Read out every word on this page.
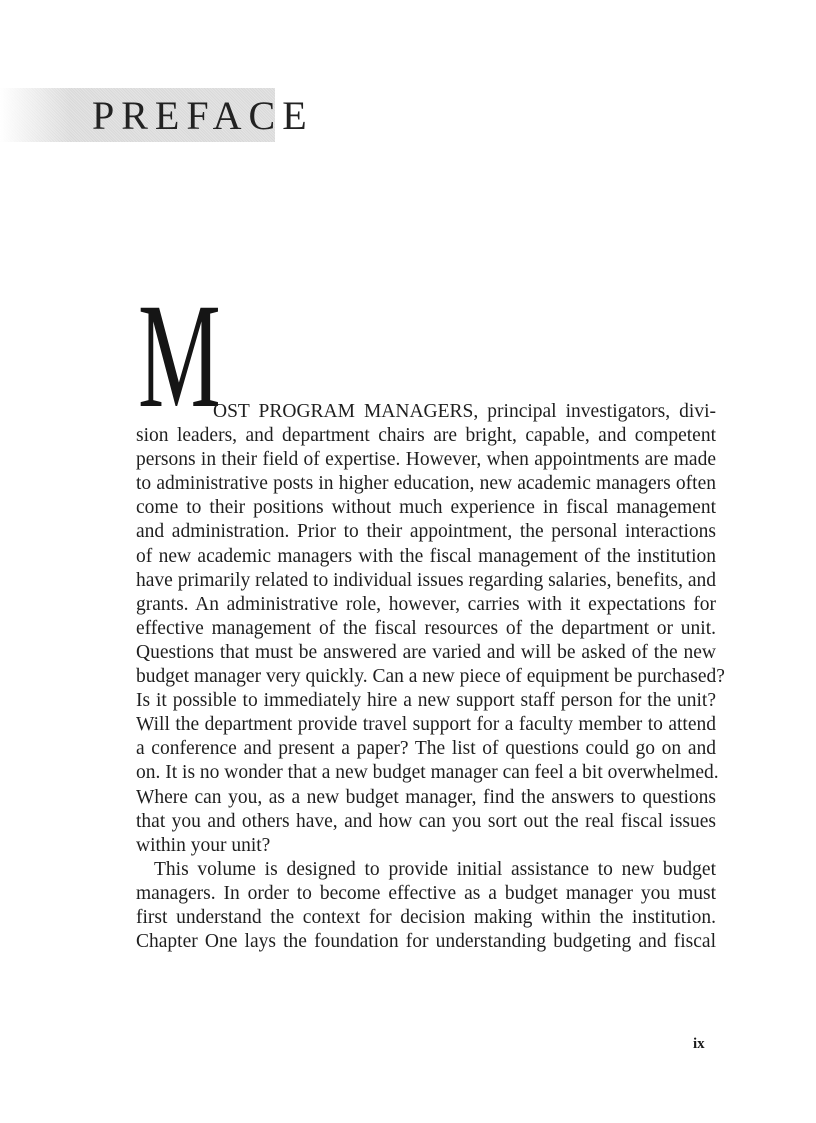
PREFACE
M
OST PROGRAM MANAGERS, principal investigators, divi-
sion leaders, and department chairs are bright, capable, and competent
persons in their field of expertise. However, when appointments are made
to administrative posts in higher education, new academic managers often
come to their positions without much experience in fiscal management
and administration. Prior to their appointment, the personal interactions
of new academic managers with the fiscal management of the institution
have primarily related to individual issues regarding salaries, benefits, and
grants. An administrative role, however, carries with it expectations for
effective management of the fiscal resources of the department or unit.
Questions that must be answered are varied and will be asked of the new
budget manager very quickly. Can a new piece of equipment be purchased?
Is it possible to immediately hire a new support staff person for the unit?
Will the department provide travel support for a faculty member to attend
a conference and present a paper? The list of questions could go on and
on. It is no wonder that a new budget manager can feel a bit overwhelmed.
Where can you, as a new budget manager, find the answers to questions
that you and others have, and how can you sort out the real fiscal issues
within your unit?
This volume is designed to provide initial assistance to new budget
managers. In order to become effective as a budget manager you must
first understand the context for decision making within the institution.
Chapter One lays the foundation for understanding budgeting and fiscal
ix
